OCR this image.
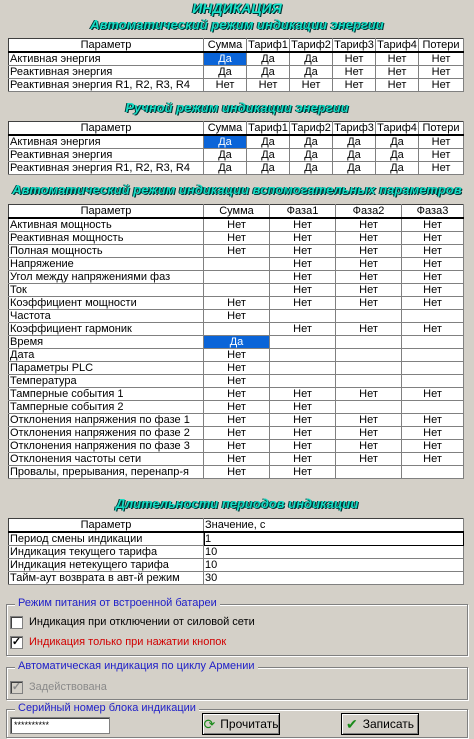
ИНДИКАЦИЯ
Автоматический режим индикации энергии
Параметр	Сумма	Тариф1	Тариф2	Тариф3	Тариф4	Потери
Активная энергия	Да	Да	Да	Нет	Нет	Нет
Реактивная энергия	Да	Да	Да	Нет	Нет	Нет
Реактивная энергия R1, R2, R3, R4	Нет	Нет	Нет	Нет	Нет	Нет
Ручной режим индикации энергии
Параметр	Сумма	Тариф1	Тариф2	Тариф3	Тариф4	Потери
Активная энергия	Да	Да	Да	Да	Да	Нет
Реактивная энергия	Да	Да	Да	Да	Да	Нет
Реактивная энергия R1, R2, R3, R4	Да	Да	Да	Да	Да	Нет
Автоматический режим индикации вспомогательных параметров
Параметр	Сумма	Фаза1	Фаза2	Фаза3
Активная мощность	Нет	Нет	Нет	Нет
Реактивная мощность	Нет	Нет	Нет	Нет
Полная мощность	Нет	Нет	Нет	Нет
Напряжение		Нет	Нет	Нет
Угол между напряжениями фаз		Нет	Нет	Нет
Ток		Нет	Нет	Нет
Коэффициент мощности	Нет	Нет	Нет	Нет
Частота	Нет			
Коэффициент гармоник		Нет	Нет	Нет
Время	Да			
Дата	Нет			
Параметры PLC	Нет			
Температура	Нет			
Тамперные события 1	Нет	Нет	Нет	Нет
Тамперные события 2	Нет	Нет		
Отклонения напряжения по фазе 1	Нет	Нет	Нет	Нет
Отклонения напряжения по фазе 2	Нет	Нет	Нет	Нет
Отклонения напряжения по фазе 3	Нет	Нет	Нет	Нет
Отклонения частоты сети	Нет	Нет	Нет	Нет
Провалы, прерывания, перенапр-я	Нет	Нет		
Длительности периодов индикации
Параметр	Значение, с
Период смены индикации	1
Индикация текущего тарифа	10
Индикация нетекущего тарифа	10
Тайм-аут возврата в авт-й режим	30
Режим питания от встроенной батареи
Индикация при отключении от силовой сети
✓ Индикация только при нажатии кнопок
Автоматическая индикация по циклу Армении
✓ Задействована
Серийный номер блока индикации
**********	⟳ Прочитать	✔ Записать
